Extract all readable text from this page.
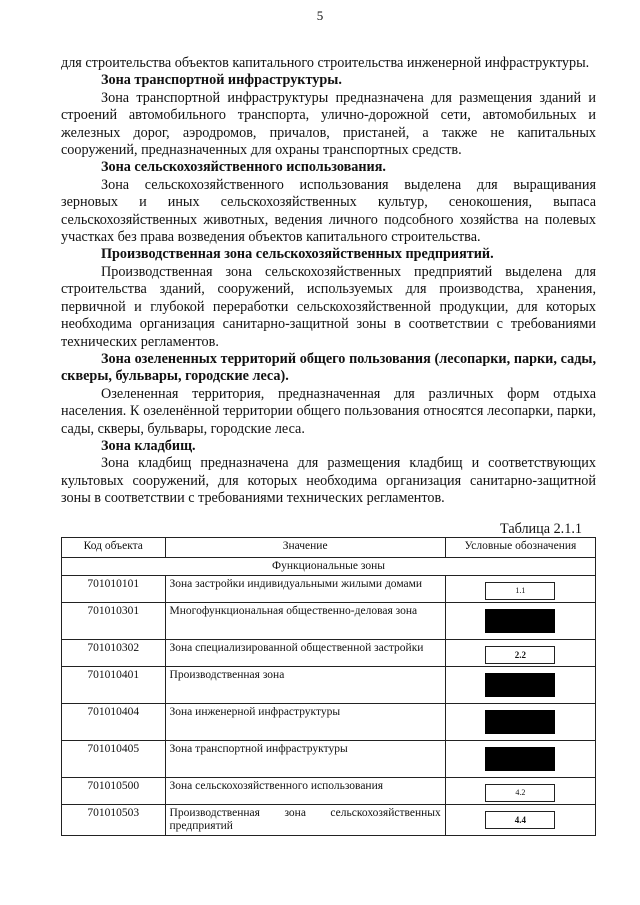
5

для строительства объектов капитального строительства инженерной инфраструктуры.

Зона транспортной инфраструктуры.

Зона транспортной инфраструктуры предназначена для размещения зданий и строений автомобильного транспорта, улично-дорожной сети, автомобильных и железных дорог, аэродромов, причалов, пристаней, а также не капитальных сооружений, предназначенных для охраны транспортных средств.

Зона сельскохозяйственного использования.

Зона сельскохозяйственного использования выделена для выращивания зерновых и иных сельскохозяйственных культур, сенокошения, выпаса сельскохозяйственных животных, ведения личного подсобного хозяйства на полевых участках без права возведения объектов капитального строительства.

Производственная зона сельскохозяйственных предприятий.

Производственная зона сельскохозяйственных предприятий выделена для строительства зданий, сооружений, используемых для производства, хранения, первичной и глубокой переработки сельскохозяйственной продукции, для которых необходима организация санитарно-защитной зоны в соответствии с требованиями технических регламентов.

Зона озелененных территорий общего пользования (лесопарки, парки, сады, скверы, бульвары, городские леса).

Озелененная территория, предназначенная для различных форм отдыха населения. К озеленённой территории общего пользования относятся лесопарки, парки, сады, скверы, бульвары, городские леса.

Зона кладбищ.

Зона кладбищ предназначена для размещения кладбищ и соответствующих культовых сооружений, для которых необходима организация санитарно-защитной зоны в соответствии с требованиями технических регламентов.

Таблица 2.1.1
Код объекта	Значение	Условные обозначения
Функциональные зоны		
701010101	Зона застройки индивидуальными жилыми домами	1.1
701010301	Многофункциональная общественно-деловая зона	
701010302	Зона специализированной общественной застройки	2.2
701010401	Производственная зона	
701010404	Зона инженерной инфраструктуры	
701010405	Зона транспортной инфраструктуры	
701010500	Зона сельскохозяйственного использования	4.2
701010503	Производственная зона сельскохозяйственных предприятий	4.4
